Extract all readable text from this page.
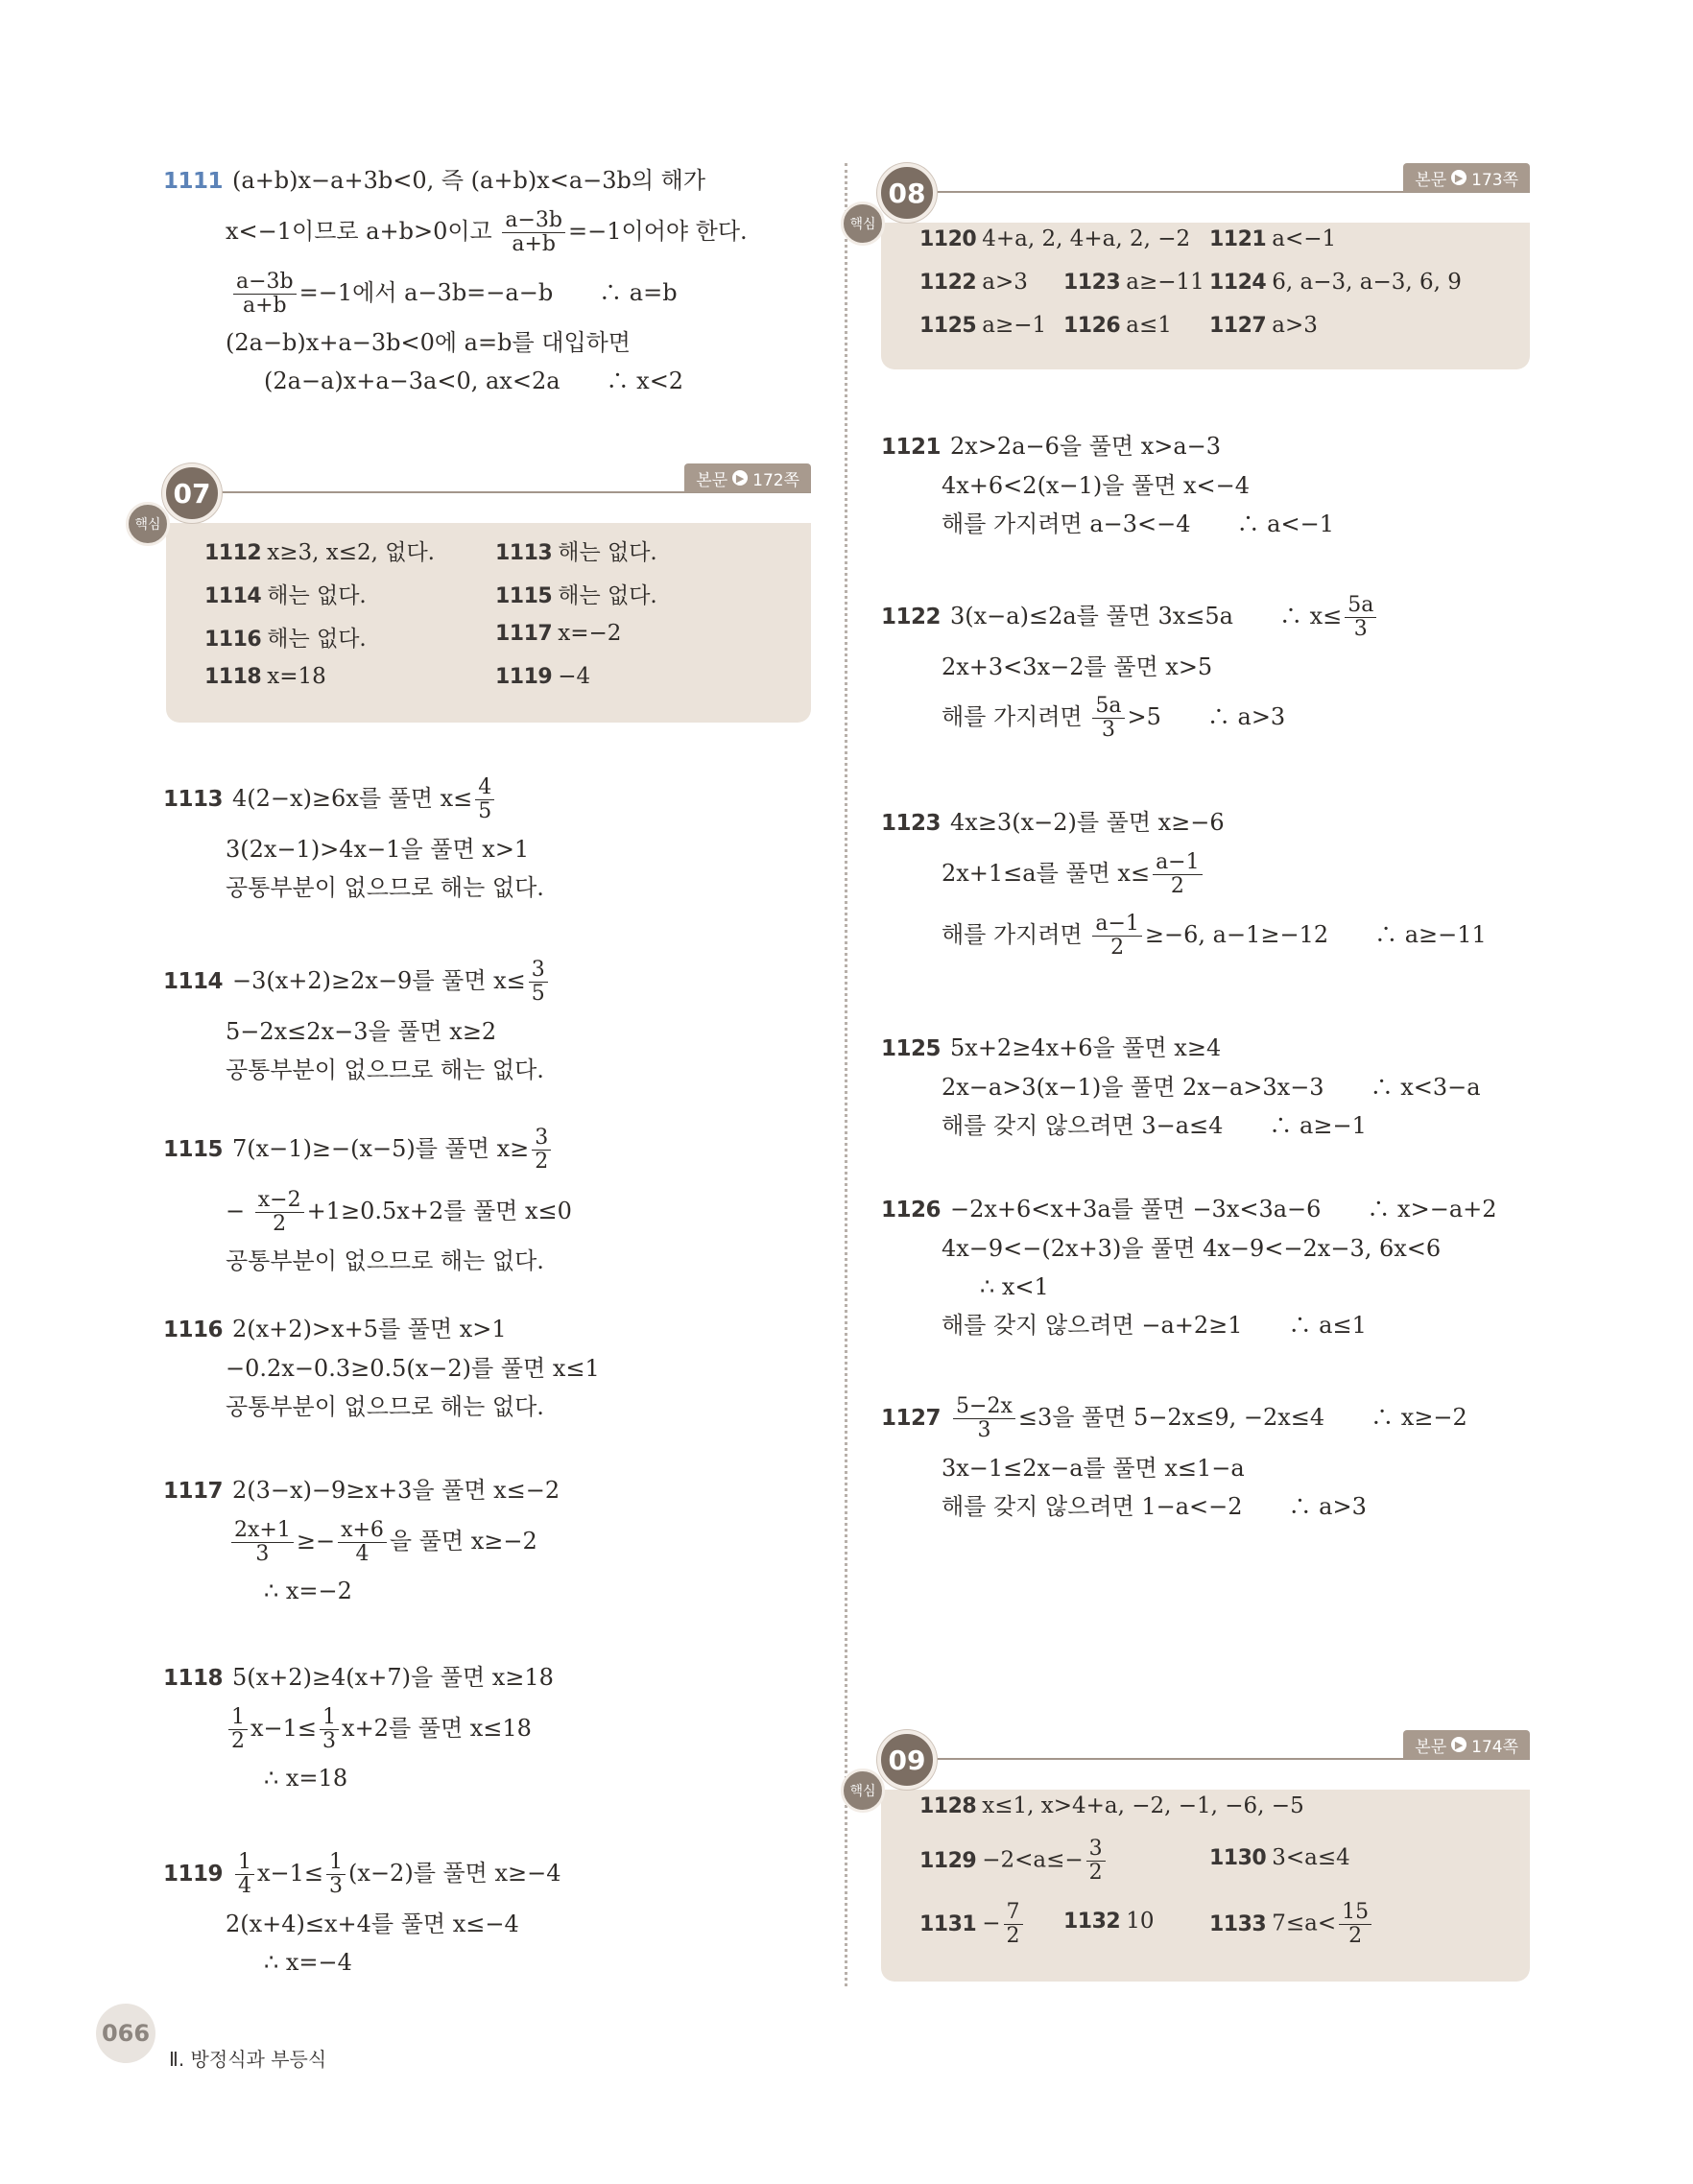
1111 (a+b)x−a+3b<0, 즉 (a+b)x<a−3b의 해가
x<−1이므로 a+b>0이고 $\frac{a-3b}{a+b} =-1$이어야 한다.
$\frac{a-3b}{a+b} =-1$에서 a−3b=−a−b　　∴ a=b
(2a−b)x+a−3b<0에 a=b를 대입하면
(2a−a)x+a−3a<0, ax<2a　　∴ x<2
07
핵심
본문 ▶ 172쪽
1112 x≥3, x≤2, 없다.	1113 해는 없다.
1114 해는 없다.	1115 해는 없다.
1116 해는 없다.	1117 x=−2
1118 x=18	1119 −4
1113 4(2−x)≥6x를 풀면 $x\le \frac{4}{5}$
3(2x−1)>4x−1을 풀면 x>1
공통부분이 없으므로 해는 없다.
1114 −3(x+2)≥2x−9를 풀면 $x\le \frac{3}{5}$
5−2x≤2x−3을 풀면 x≥2
공통부분이 없으므로 해는 없다.
1115 7(x−1)≥−(x−5)를 풀면 $x\ge \frac{3}{2}$
− $\frac{x-2}{2} +1\ge 0.5x+2$를 풀면 x≤0
공통부분이 없으므로 해는 없다.
1116 2(x+2)>x+5를 풀면 x>1
−0.2x−0.3≥0.5(x−2)를 풀면 x≤1
공통부분이 없으므로 해는 없다.
1117 2(3−x)−9≥x+3을 풀면 x≤−2
$\frac{2x+1}{3} \ge- \frac{x+6}{4}$ 을 풀면 x≥−2
∴ x=−2
1118 5(x+2)≥4(x+7)을 풀면 x≥18
$\frac{1}{2} x-1\le \frac{1}{3} x+2$를 풀면 x≤18
∴ x=18
$1119 \frac{1}{4} x-1\le \frac{1}{3} (x-2)$를 풀면 x≥−4
2(x+4)≤x+4를 풀면 x≤−4
∴ x=−4
08
핵심
본문 ▶ 173쪽
1120 4+a, 2, 4+a, 2, −2 1121 a<−1
1122 a>3 1123 a≥−11 1124 6, a−3, a−3, 6, 9
1125 a≥−1 1126 a≤1 1127 a>3
1121 2x>2a−6을 풀면 x>a−3
4x+6<2(x−1)을 풀면 x<−4
해를 가지려면 a−3<−4　　∴ a<−1
1122 3(x−a)≤2a를 풀면 3x≤5a　　∴ $x\le \frac{5a}{3}$
2x+3<3x−2를 풀면 x>5
해를 가지려면 $\frac{5a}{3} >5$　　∴ a>3
1123 4x≥3(x−2)를 풀면 x≥−6
2x+1≤a를 풀면 $x\le \frac{a-1}{2}$
해를 가지려면 $\frac{a-1}{2} \ge-6$, a−1≥−12　　∴ a≥−11
1125 5x+2≥4x+6을 풀면 x≥4
2x−a>3(x−1)을 풀면 2x−a>3x−3　　∴ x<3−a
해를 갖지 않으려면 3−a≤4　　∴ a≥−1
1126 −2x+6<x+3a를 풀면 −3x<3a−6　　∴ x>−a+2
4x−9<−(2x+3)을 풀면 4x−9<−2x−3, 6x<6
∴ x<1
해를 갖지 않으려면 −a+2≥1　　∴ a≤1
$1127 \frac{5-2x}{3} \le 3$을 풀면 5−2x≤9, −2x≤4　　∴ x≥−2
3x−1≤2x−a를 풀면 x≤1−a
해를 갖지 않으려면 1−a<−2　　∴ a>3
09
핵심
본문 ▶ 174쪽
1128 x≤1, x>4+a, −2, −1, −6, −5
$1129 -2<a\le- \frac{3}{2}$	1130 3<a≤4
$1131 - \frac{7}{2} 1132$ 10	1133 $7\le a< \frac{15}{2}$
066
Ⅱ. 방정식과 부등식
